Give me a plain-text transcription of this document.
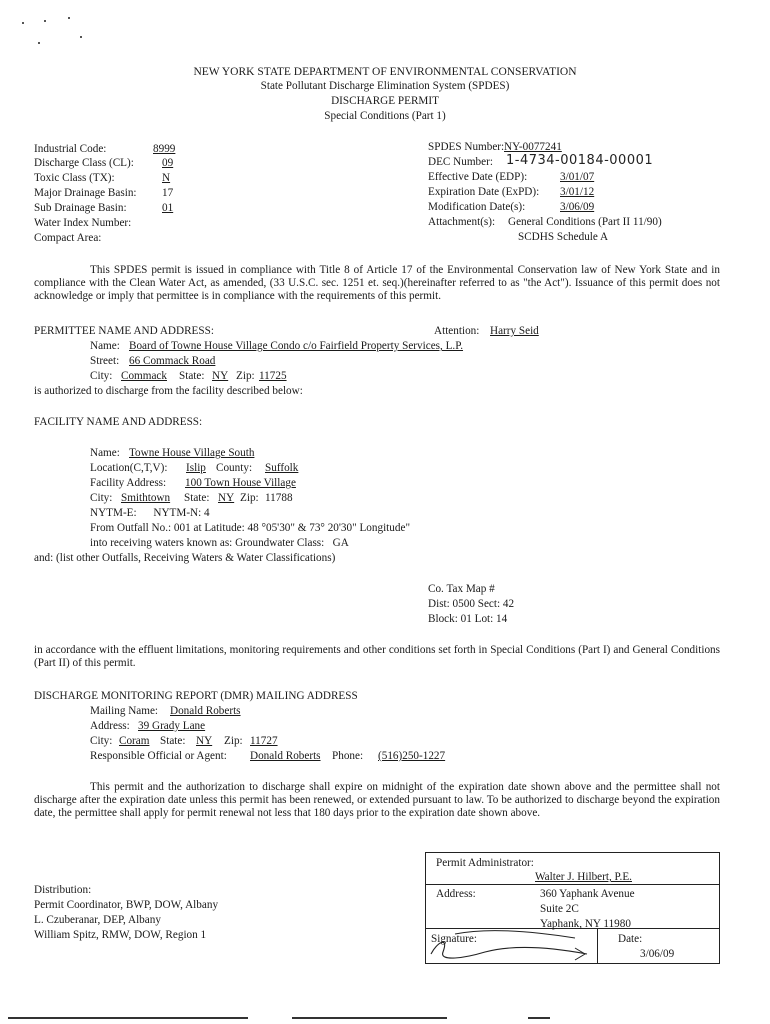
NEW YORK STATE DEPARTMENT OF ENVIRONMENTAL CONSERVATION
State Pollutant Discharge Elimination System (SPDES)
DISCHARGE PERMIT
Special Conditions (Part 1)
Industrial Code:	8999
Discharge Class (CL):	09
Toxic Class (TX):	N
Major Drainage Basin: 17
Sub Drainage Basin:	01
Water Index Number:
Compact Area:
SPDES Number: NY-0077241
DEC Number: 1-4734-00184-00001
Effective Date (EDP):	3/01/07
Expiration Date (ExPD): 3/01/12
Modification Date(s):	3/06/09
Attachment(s): General Conditions (Part II 11/90)
SCDHS Schedule A
This SPDES permit is issued in compliance with Title 8 of Article 17 of the Environmental Conservation law of New York State and in compliance with the Clean Water Act, as amended, (33 U.S.C. sec. 1251 et. seq.)(hereinafter referred to as "the Act"). Issuance of this permit does not acknowledge or imply that permittee is in compliance with the requirements of this permit.
PERMITTEE NAME AND ADDRESS:	Attention: Harry Seid
Name: Board of Towne House Village Condo c/o Fairfield Property Services, L.P.
Street: 66 Commack Road
City: Commack State: NY Zip: 11725
is authorized to discharge from the facility described below:
FACILITY NAME AND ADDRESS:
Name: Towne House Village South
Location(C,T,V): Islip County: Suffolk
Facility Address: 100 Town House Village
City: Smithtown State: NY Zip: 11788
NYTM-E:      NYTM-N: 4
From Outfall No.: 001 at Latitude: 48 °05'30" & 73° 20'30" Longitude"
into receiving waters known as: Groundwater Class:   GA
and: (list other Outfalls, Receiving Waters & Water Classifications)
Co. Tax Map #
Dist: 0500 Sect: 42
Block: 01 Lot: 14
in accordance with the effluent limitations, monitoring requirements and other conditions set forth in Special Conditions (Part I) and General Conditions (Part II) of this permit.
DISCHARGE MONITORING REPORT (DMR) MAILING ADDRESS
Mailing Name: Donald Roberts
Address: 39 Grady Lane
City: Coram State: NY Zip: 11727
Responsible Official or Agent: Donald Roberts Phone: (516)250-1227
This permit and the authorization to discharge shall expire on midnight of the expiration date shown above and the permittee shall not discharge after the expiration date unless this permit has been renewed, or extended pursuant to law. To be authorized to discharge beyond the expiration date, the permittee shall apply for permit renewal not less that 180 days prior to the expiration date shown above.
Distribution:
Permit Coordinator, BWP, DOW, Albany
L. Czuberanar, DEP, Albany
William Spitz, RMW, DOW, Region 1
Permit Administrator:
Walter J. Hilbert, P.E.
Address:	360 Yaphank Avenue
Suite 2C
Yaphank, NY 11980
Signature:	Date:
3/06/09
